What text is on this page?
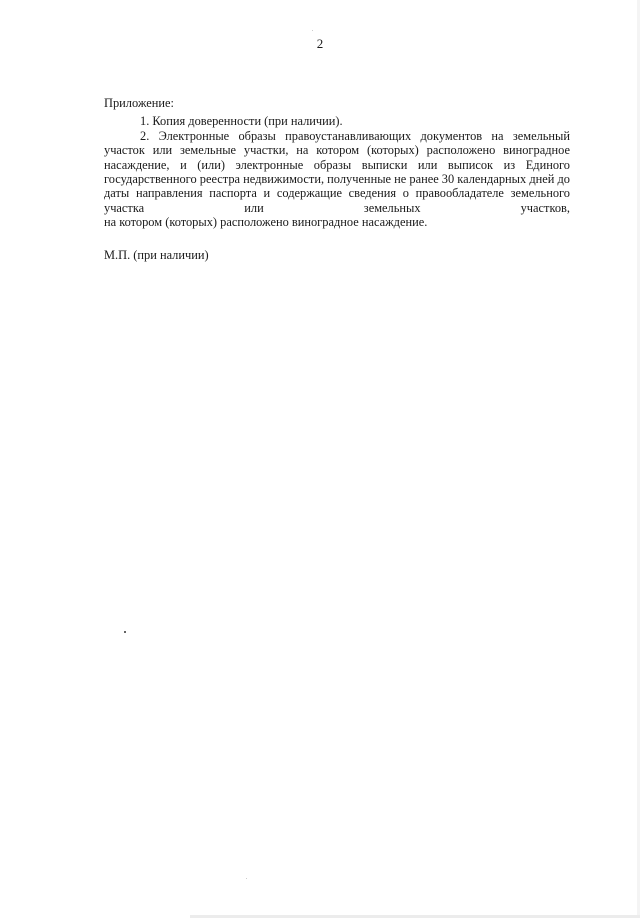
2

Приложение:

1. Копия доверенности (при наличии).

2. Электронные образы правоустанавливающих документов на земельный
участок или земельные участки, на котором (которых) расположено виноградное
насаждение, и (или) электронные образы выписки или выписок из Единого
государственного реестра недвижимости, полученные не ранее 30 календарных дней до
даты направления паспорта и содержащие сведения о правообладателе земельного
участка или земельных участков,
на котором (которых) расположено виноградное насаждение.

М.П. (при наличии)
